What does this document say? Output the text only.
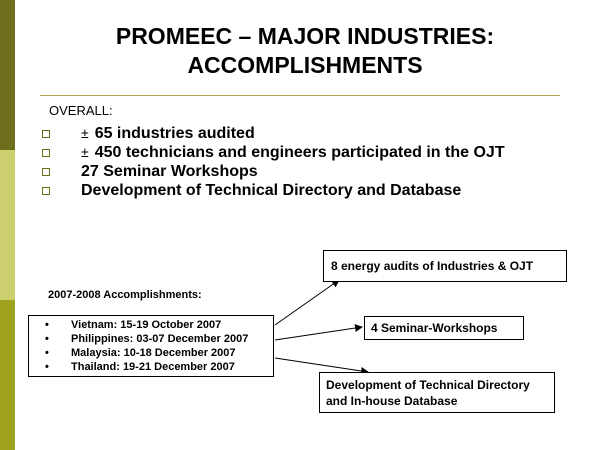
PROMEEC – MAJOR INDUSTRIES:
ACCOMPLISHMENTS
OVERALL:
± 65 industries audited
± 450 technicians and engineers participated in the OJT
27 Seminar Workshops
Development of Technical Directory and Database
2007-2008 Accomplishments:
• Vietnam: 15-19 October 2007
• Philippines: 03-07 December 2007
• Malaysia: 10-18 December 2007
• Thailand: 19-21 December 2007
8 energy audits of Industries & OJT
4 Seminar-Workshops
Development of Technical Directory and In-house Database
